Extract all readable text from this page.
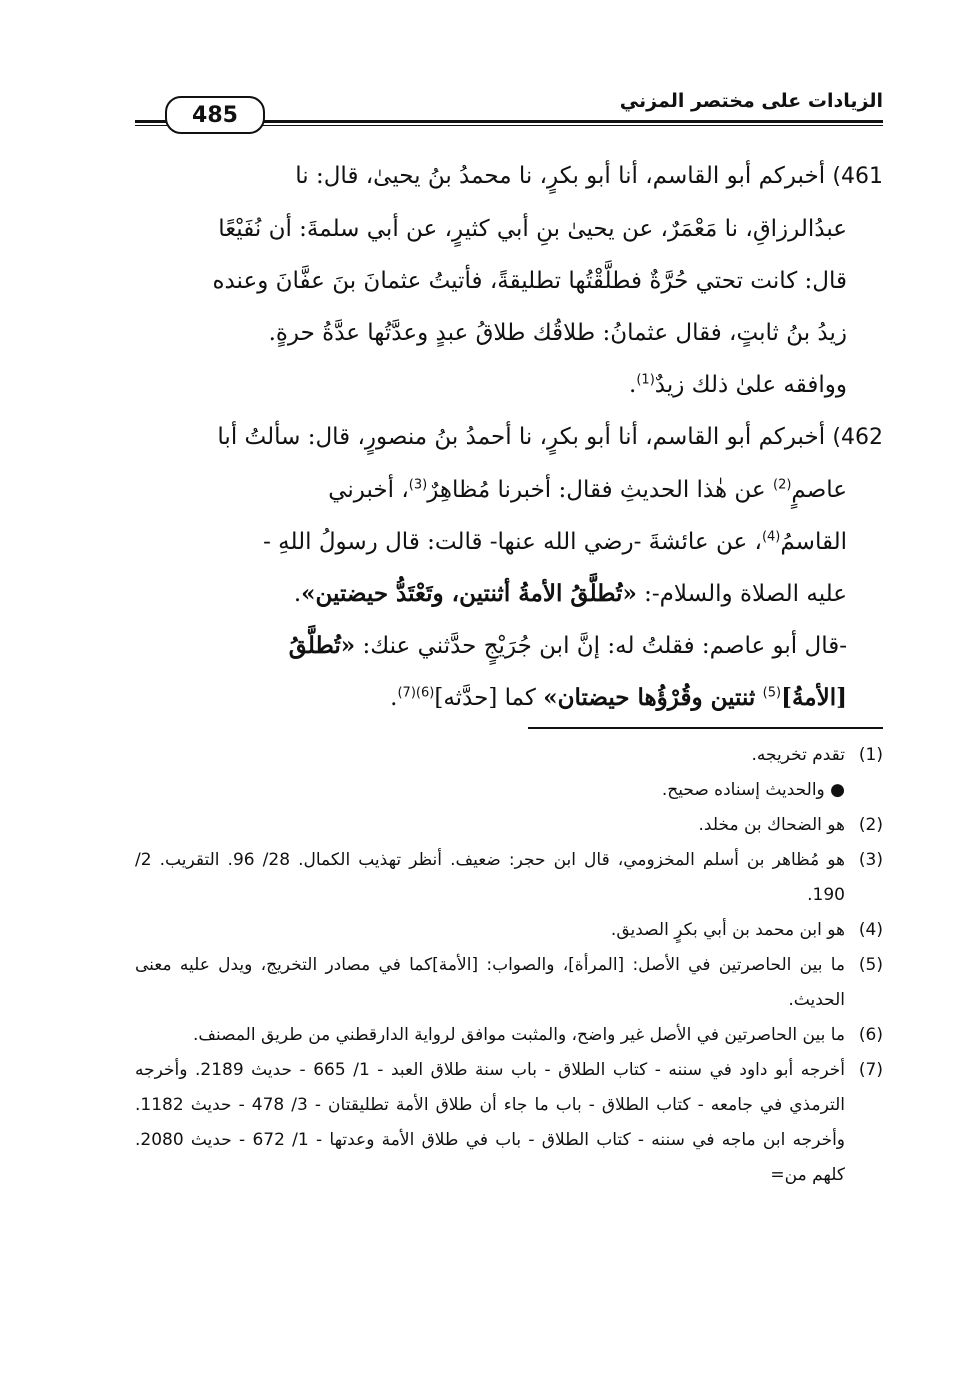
485
الزيادات على مختصر المزني

461) أخبركم أبو القاسم، أنا أبو بكرٍ، نا محمدُ بنُ يحيىٰ، قال: نا

عبدُالرزاقِ، نا مَعْمَرٌ، عن يحيىٰ بنِ أبي كثيرٍ، عن أبي سلمةَ: أن نُفَيْعًا

قال: كانت تحتي حُرَّةٌ فطلَّقْتُها تطليقةً، فأتيتُ عثمانَ بنَ عفَّانَ وعنده

زيدُ بنُ ثابتٍ، فقال عثمانُ: طلاقُك طلاقُ عبدٍ وعدَّتُها عدَّةُ حرةٍ.

ووافقه علىٰ ذلك زيدٌ$^{(1)}$.

462) أخبركم أبو القاسم، أنا أبو بكرٍ، نا أحمدُ بنُ منصورٍ، قال: سألتُ أبا

عاصمٍ$^{(2)}$ عن هٰذا الحديثِ فقال: أخبرنا مُظاهِرٌ$^{(3)}$، أخبرني

القاسمُ$^{(4)}$، عن عائشةَ -رضي الله عنها- قالت: قال رسولُ اللهِ -

عليه الصلاة والسلام-: «تُطلَّقُ الأمةُ أثنتين، وتَعْتَدُّ حيضتين».

-قال أبو عاصم: فقلتُ له: إنَّ ابن جُرَيْجٍ حدَّثني عنك: «تُطلَّقُ

[الأمةُ]$^{(5)}$ ثنتين وقُرْؤُها حيضتان» كما [حدَّثه]$^{(6)(7)}$.

(1)
تقدم تخريجه.
● والحديث إسناده صحيح.
(2)
هو الضحاك بن مخلد.
(3)
هو مُظاهر بن أسلم المخزومي، قال ابن حجر: ضعيف. أنظر تهذيب الكمال. 28/ 96. التقريب. 2/ 190.
(4)
هو ابن محمد بن أبي بكرٍ الصديق.
(5)
ما بين الحاصرتين في الأصل: [المرأة]، والصواب: [الأمة]كما في مصادر التخريج، ويدل عليه معنى الحديث.
(6)
ما بين الحاصرتين في الأصل غير واضح، والمثبت موافق لرواية الدارقطني من طريق المصنف.
(7)
أخرجه أبو داود في سننه - كتاب الطلاق - باب سنة طلاق العبد - 1/ 665 - حديث 2189. وأخرجه الترمذي في جامعه - كتاب الطلاق - باب ما جاء أن طلاق الأمة تطليقتان - 3/ 478 - حديث 1182. وأخرجه ابن ماجه في سننه - كتاب الطلاق - باب في طلاق الأمة وعدتها - 1/ 672 - حديث 2080. كلهم من=
